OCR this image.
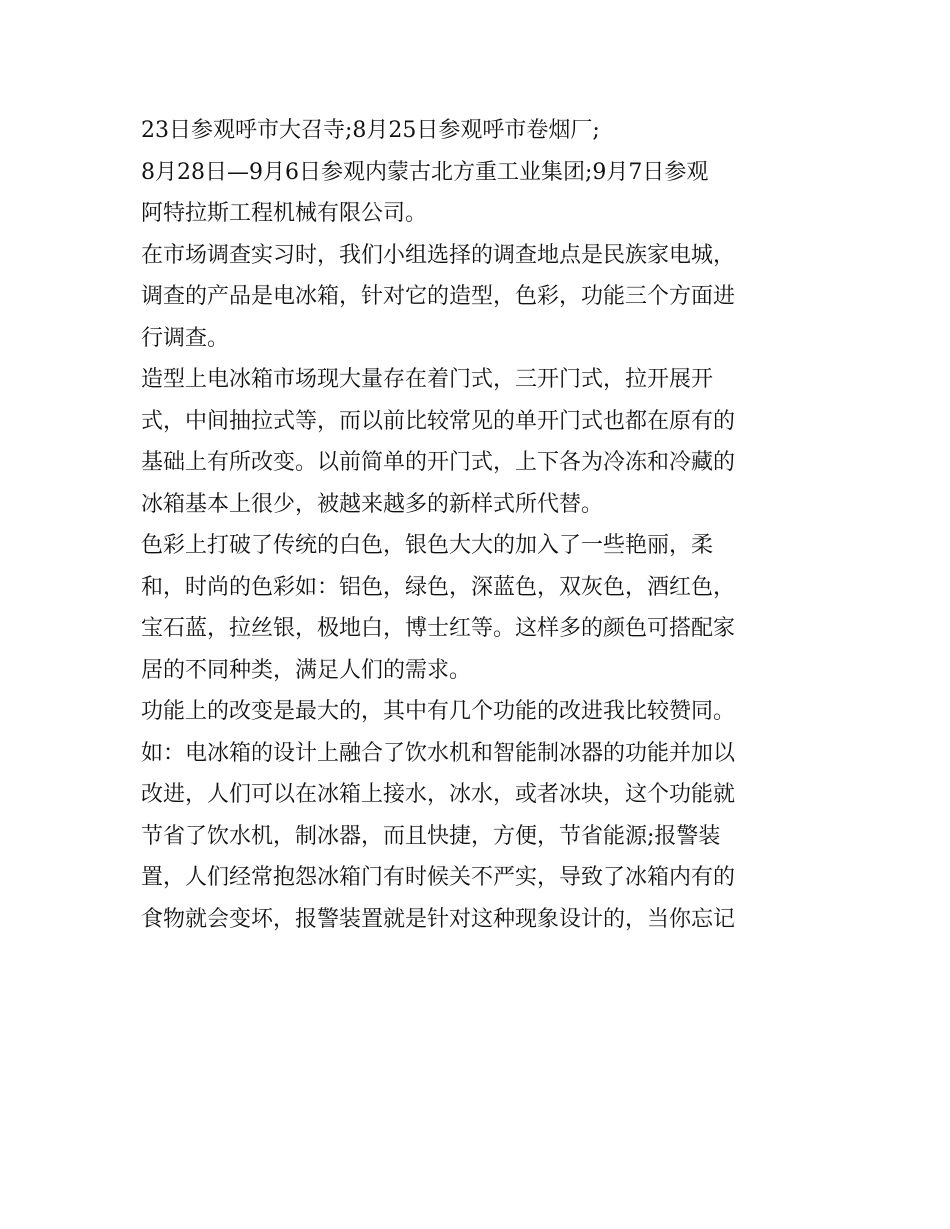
23日参观呼市大召寺;8月25日参观呼市卷烟厂;
8月28日—9月6日参观内蒙古北方重工业集团;9月7日参观
阿特拉斯工程机械有限公司。
在市场调查实习时，我们小组选择的调查地点是民族家电城，
调查的产品是电冰箱，针对它的造型，色彩，功能三个方面进
行调查。
造型上电冰箱市场现大量存在着门式，三开门式，拉开展开
式，中间抽拉式等，而以前比较常见的单开门式也都在原有的
基础上有所改变。以前简单的开门式，上下各为冷冻和冷藏的
冰箱基本上很少，被越来越多的新样式所代替。
色彩上打破了传统的白色，银色大大的加入了一些艳丽，柔
和，时尚的色彩如：铝色，绿色，深蓝色，双灰色，酒红色，
宝石蓝，拉丝银，极地白，博士红等。这样多的颜色可搭配家
居的不同种类，满足人们的需求。
功能上的改变是最大的，其中有几个功能的改进我比较赞同。
如：电冰箱的设计上融合了饮水机和智能制冰器的功能并加以
改进，人们可以在冰箱上接水，冰水，或者冰块，这个功能就
节省了饮水机，制冰器，而且快捷，方便，节省能源;报警装
置，人们经常抱怨冰箱门有时候关不严实，导致了冰箱内有的
食物就会变坏，报警装置就是针对这种现象设计的，当你忘记
